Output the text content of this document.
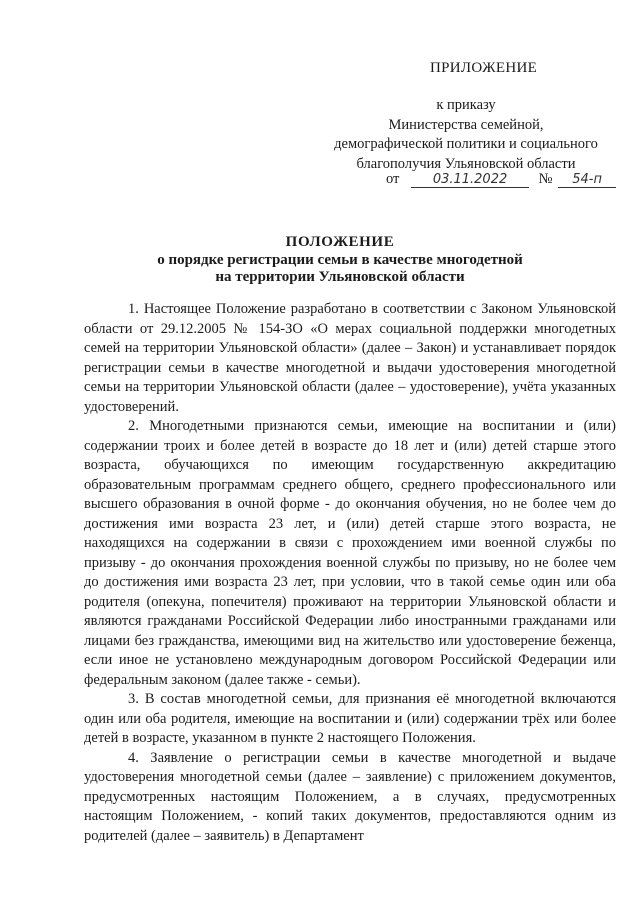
ПРИЛОЖЕНИЕ
к приказу
Министерства семейной,
демографической политики и социального
благополучия Ульяновской области
от	03.11.2022 № 54-п
ПОЛОЖЕНИЕ
о порядке регистрации семьи в качестве многодетной
на территории Ульяновской области

1. Настоящее Положение разработано в соответствии с Законом Ульяновской области от 29.12.2005 № 154-ЗО «О мерах социальной поддержки многодетных семей на территории Ульяновской области» (далее – Закон) и устанавливает порядок регистрации семьи в качестве многодетной и выдачи удостоверения многодетной семьи на территории Ульяновской области (далее – удостоверение), учёта указанных удостоверений.

2. Многодетными признаются семьи, имеющие на воспитании и (или) содержании троих и более детей в возрасте до 18 лет и (или) детей старше этого возраста, обучающихся по имеющим государственную аккредитацию образовательным программам среднего общего, среднего профессионального или высшего образования в очной форме - до окончания обучения, но не более чем до достижения ими возраста 23 лет, и (или) детей старше этого возраста, не находящихся на содержании в связи с прохождением ими военной службы по призыву - до окончания прохождения военной службы по призыву, но не более чем до достижения ими возраста 23 лет, при условии, что в такой семье один или оба родителя (опекуна, попечителя) проживают на территории Ульяновской области и являются гражданами Российской Федерации либо иностранными гражданами или лицами без гражданства, имеющими вид на жительство или удостоверение беженца, если иное не установлено международным договором Российской Федерации или федеральным законом (далее также - семьи).

3. В состав многодетной семьи, для признания её многодетной включаются один или оба родителя, имеющие на воспитании и (или) содержании трёх или более детей в возрасте, указанном в пункте 2 настоящего Положения.

4. Заявление о регистрации семьи в качестве многодетной и выдаче удостоверения многодетной семьи (далее – заявление) с приложением документов, предусмотренных настоящим Положением, а в случаях, предусмотренных настоящим Положением, - копий таких документов, предоставляются одним из родителей (далее – заявитель) в Департамент
